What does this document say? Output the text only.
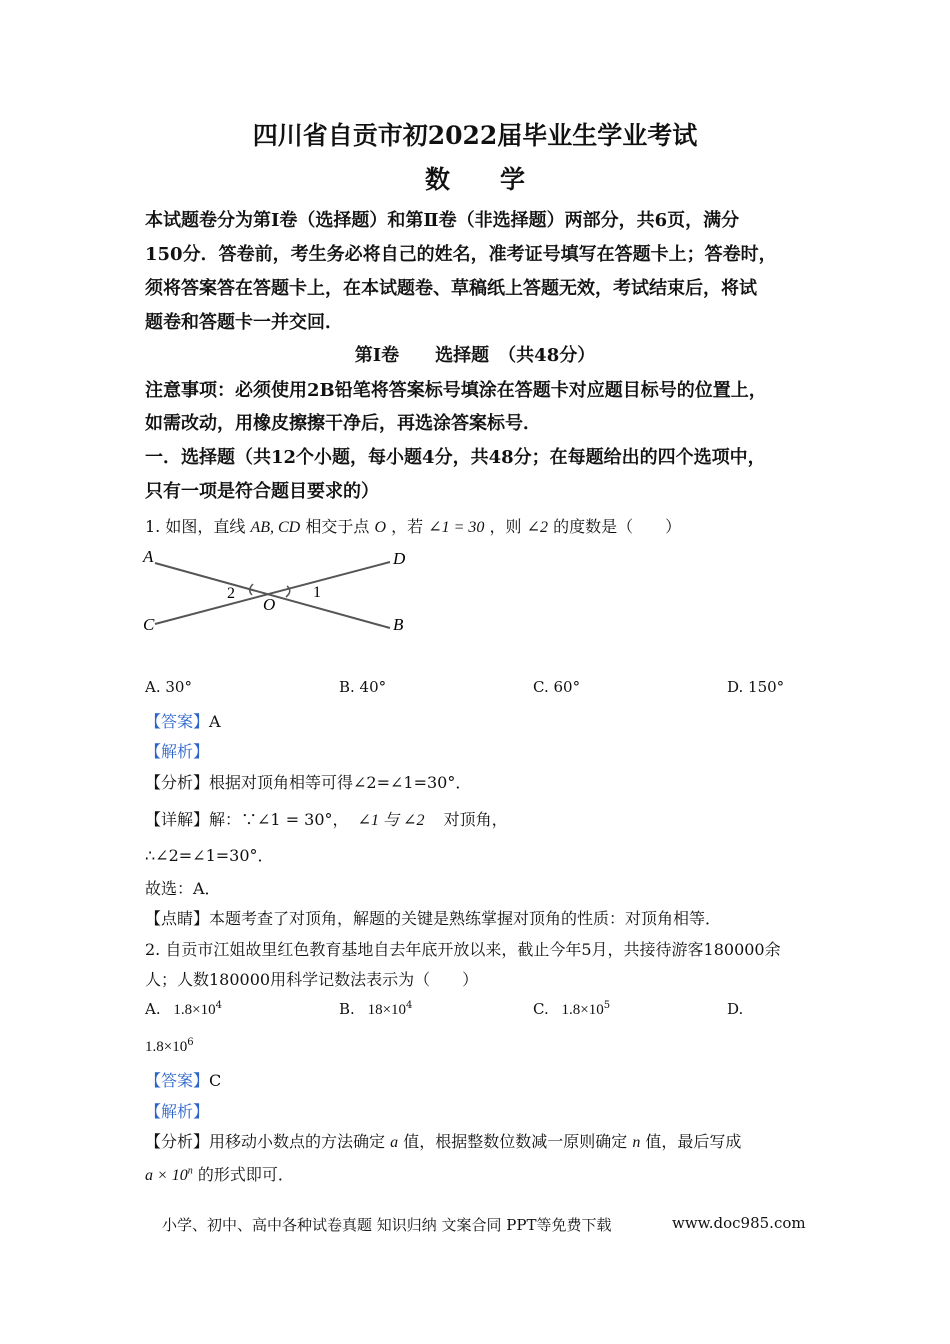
四川省自贡市初2022届毕业生学业考试
数　　学
本试题卷分为第Ⅰ卷（选择题）和第Ⅱ卷（非选择题）两部分，共6页，满分
150分．答卷前，考生务必将自己的姓名，准考证号填写在答题卡上；答卷时，
须将答案答在答题卡上，在本试题卷、草稿纸上答题无效，考试结束后，将试
题卷和答题卡一并交回．
第Ⅰ卷　　选择题　（共48分）
注意事项：必须使用2B铅笔将答案标号填涂在答题卡对应题目标号的位置上，
如需改动，用橡皮擦擦干净后，再选涂答案标号．
一．选择题（共12个小题，每小题4分，共48分；在每题给出的四个选项中，
只有一项是符合题目要求的）
1. 如图，直线 AB, CD 相交于点 O ，若 ∠1 = 30 ，则 ∠2 的度数是（　　）
A	D
C	B
O
2	1
A. 30°	B. 40°	C. 60°	D. 150°
【答案】A
【解析】
【分析】根据对顶角相等可得∠2=∠1=30°．
【详解】解：∵∠1 = 30°， ∠1 与 ∠2 对顶角，
∴∠2=∠1=30°．
故选：A．
【点睛】本题考查了对顶角，解题的关键是熟练掌握对顶角的性质：对顶角相等．
2. 自贡市江姐故里红色教育基地自去年底开放以来，截止今年5月，共接待游客180000余
人；人数180000用科学记数法表示为（　　）
A. $1.8\times 10^4$	B. $18\times 10^4$	C. $1.8\times 10^5$	D.
$1.8\times 10^6$
【答案】C
【解析】
【分析】用移动小数点的方法确定 a 值，根据整数位数减一原则确定 n 值，最后写成
$a \times 10^n$ 的形式即可．
小学、初中、高中各种试卷真题 知识归纳 文案合同 PPT等免费下载	www.doc985.com
